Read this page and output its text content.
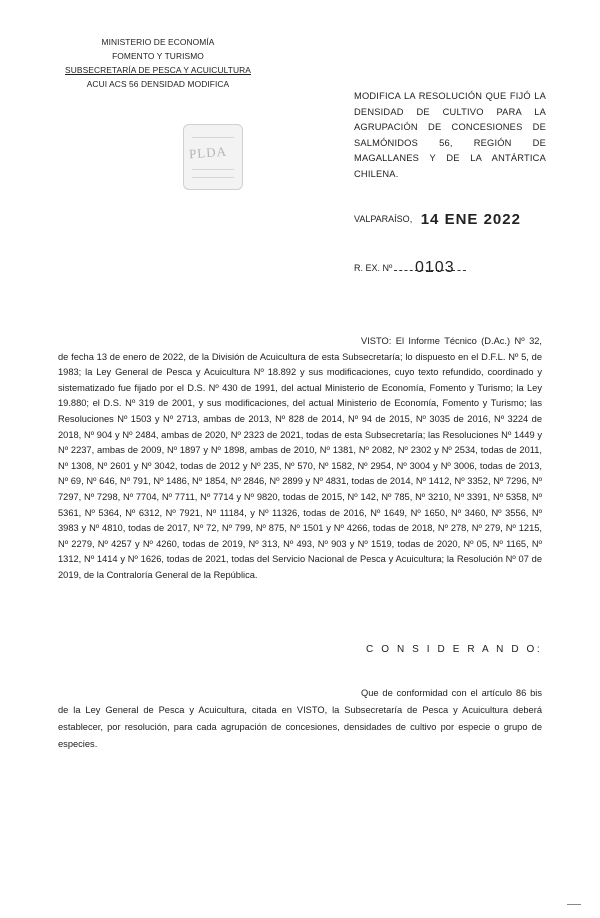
MINISTERIO DE ECONOMÍA
FOMENTO Y TURISMO
SUBSECRETARÍA DE PESCA Y ACUICULTURA
ACUI ACS 56 DENSIDAD MODIFICA
PLDA
MODIFICA LA RESOLUCIÓN QUE FIJÓ LA DENSIDAD DE CULTIVO PARA LA AGRUPACIÓN DE CONCESIONES DE SALMÓNIDOS 56, REGIÓN DE MAGALLANES Y DE LA ANTÁRTICA CHILENA.
VALPARAÍSO, 14 ENE 2022
R. EX. Nº 0103
VISTO: El Informe Técnico (D.Ac.) Nº 32, de fecha 13 de enero de 2022, de la División de Acuicultura de esta Subsecretaría; lo dispuesto en el D.F.L. Nº 5, de 1983; la Ley General de Pesca y Acuicultura Nº 18.892 y sus modificaciones, cuyo texto refundido, coordinado y sistematizado fue fijado por el D.S. Nº 430 de 1991, del actual Ministerio de Economía, Fomento y Turismo; la Ley 19.880; el D.S. Nº 319 de 2001, y sus modificaciones, del actual Ministerio de Economía, Fomento y Turismo; las Resoluciones Nº 1503 y Nº 2713, ambas de 2013, Nº 828 de 2014, Nº 94 de 2015, Nº 3035 de 2016, Nº 3224 de 2018, Nº 904 y Nº 2484, ambas de 2020, Nº 2323 de 2021, todas de esta Subsecretaría; las Resoluciones Nº 1449 y Nº 2237, ambas de 2009, Nº 1897 y Nº 1898, ambas de 2010, Nº 1381, Nº 2082, Nº 2302 y Nº 2534, todas de 2011, Nº 1308, Nº 2601 y Nº 3042, todas de 2012 y Nº 235, Nº 570, Nº 1582, Nº 2954, Nº 3004 y Nº 3006, todas de 2013, Nº 69, Nº 646, Nº 791, Nº 1486, Nº 1854, Nº 2846, Nº 2899 y Nº 4831, todas de 2014, Nº 1412, Nº 3352, Nº 7296, Nº 7297, Nº 7298, Nº 7704, Nº 7711, Nº 7714 y Nº 9820, todas de 2015, Nº 142, Nº 785, Nº 3210, Nº 3391, Nº 5358, Nº 5361, Nº 5364, Nº 6312, Nº 7921, Nº 11184, y Nº 11326, todas de 2016, Nº 1649, Nº 1650, Nº 3460, Nº 3556, Nº 3983 y Nº 4810, todas de 2017, Nº 72, Nº 799, Nº 875, Nº 1501 y Nº 4266, todas de 2018, Nº 278, Nº 279, Nº 1215, Nº 2279, Nº 4257 y Nº 4260, todas de 2019, Nº 313, Nº 493, Nº 903 y Nº 1519, todas de 2020, Nº 05, Nº 1165, Nº 1312, Nº 1414 y Nº 1626, todas de 2021, todas del Servicio Nacional de Pesca y Acuicultura; la Resolución Nº 07 de 2019, de la Contraloría General de la República.
C O N S I D E R A N D O:
Que de conformidad con el artículo 86 bis de la Ley General de Pesca y Acuicultura, citada en VISTO, la Subsecretaría de Pesca y Acuicultura deberá establecer, por resolución, para cada agrupación de concesiones, densidades de cultivo por especie o grupo de especies.
